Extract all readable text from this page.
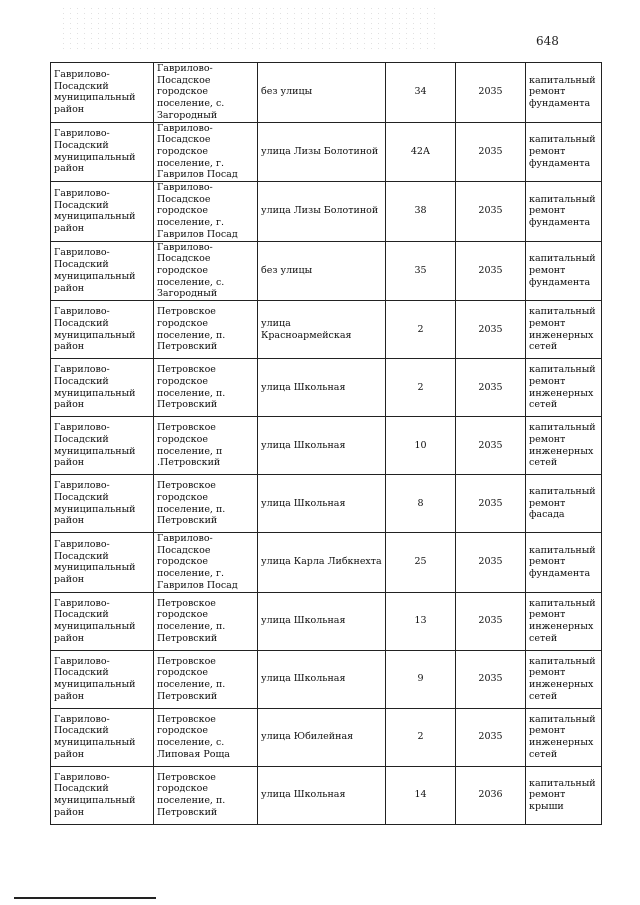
648
Гаврилово-Посадский муниципальный район	Гаврилово-Посадское городское поселение, с. Загородный	без улицы	34	2035	капитальный ремонт фундамента
Гаврилово-Посадский муниципальный район	Гаврилово-Посадское городское поселение, г. Гаврилов Посад	улица Лизы Болотиной	42А	2035	капитальный ремонт фундамента
Гаврилово-Посадский муниципальный район	Гаврилово-Посадское городское поселение, г. Гаврилов Посад	улица Лизы Болотиной	38	2035	капитальный ремонт фундамента
Гаврилово-Посадский муниципальный район	Гаврилово-Посадское городское поселение, с. Загородный	без улицы	35	2035	капитальный ремонт фундамента
Гаврилово-Посадский муниципальный район	Петровское городское поселение, п. Петровский	улица Красноармейская	2	2035	капитальный ремонт инженерных сетей
Гаврилово-Посадский муниципальный район	Петровское городское поселение, п. Петровский	улица Школьная	2	2035	капитальный ремонт инженерных сетей
Гаврилово-Посадский муниципальный район	Петровское городское поселение, п .Петровский	улица Школьная	10	2035	капитальный ремонт инженерных сетей
Гаврилово-Посадский муниципальный район	Петровское городское поселение, п. Петровский	улица Школьная	8	2035	капитальный ремонт фасада
Гаврилово-Посадский муниципальный район	Гаврилово-Посадское городское поселение, г. Гаврилов Посад	улица Карла Либкнехта	25	2035	капитальный ремонт фундамента
Гаврилово-Посадский муниципальный район	Петровское городское поселение, п. Петровский	улица Школьная	13	2035	капитальный ремонт инженерных сетей
Гаврилово-Посадский муниципальный район	Петровское городское поселение, п. Петровский	улица Школьная	9	2035	капитальный ремонт инженерных сетей
Гаврилово-Посадский муниципальный район	Петровское городское поселение, с. Липовая Роща	улица Юбилейная	2	2035	капитальный ремонт инженерных сетей
Гаврилово-Посадский муниципальный район	Петровское городское поселение, п. Петровский	улица Школьная	14	2036	капитальный ремонт крыши
